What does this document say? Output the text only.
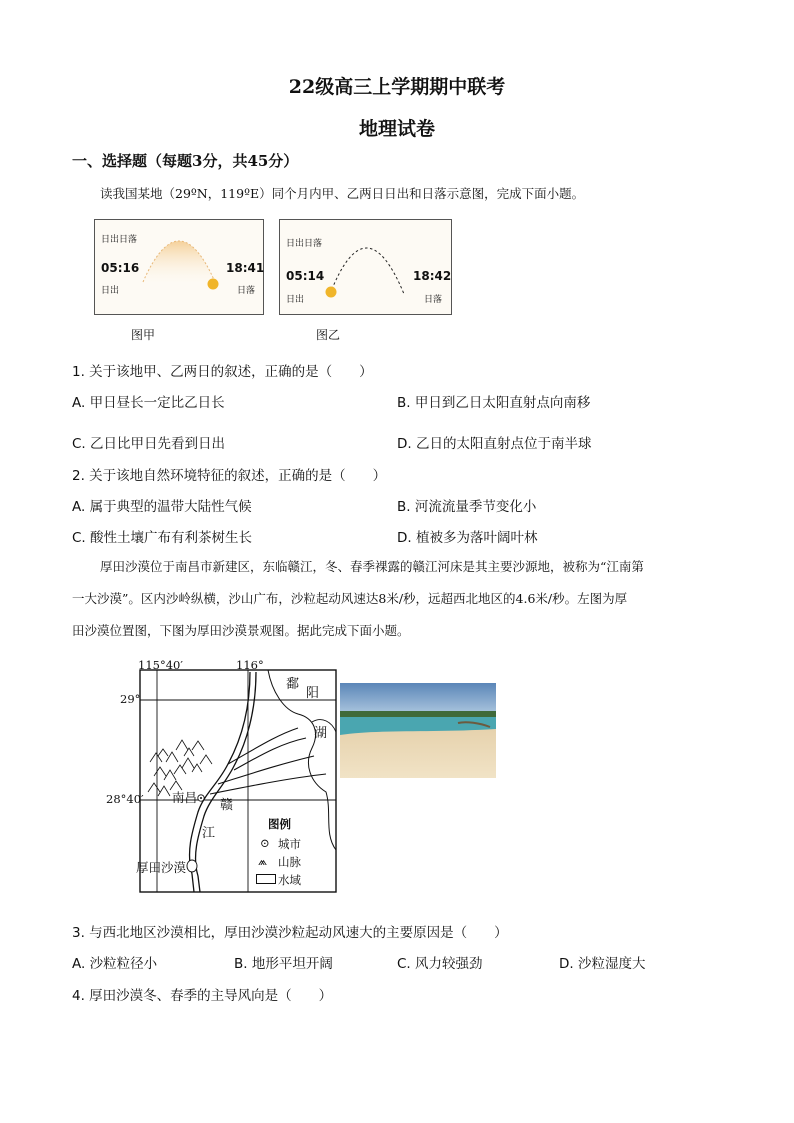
22级高三上学期期中联考
地理试卷
一、选择题（每题3分，共45分）
读我国某地（29ºN，119ºE）同个月内甲、乙两日日出和日落示意图，完成下面小题。
日出日落
05:16
日出
18:41
日落
图甲
日出日落
05:14
日出
18:42
日落
图乙
1. 关于该地甲、乙两日的叙述，正确的是（　　）
A. 甲日昼长一定比乙日长	B. 甲日到乙日太阳直射点向南移
C. 乙日比甲日先看到日出	D. 乙日的太阳直射点位于南半球
2. 关于该地自然环境特征的叙述，正确的是（　　）
A. 属于典型的温带大陆性气候	B. 河流流量季节变化小
C. 酸性土壤广布有利茶树生长	D. 植被多为落叶阔叶林
厚田沙漠位于南昌市新建区，东临赣江，冬、春季裸露的赣江河床是其主要沙源地，被称为“江南第
一大沙漠”。区内沙岭纵横，沙山广布，沙粒起动风速达8米/秒，远超西北地区的4.6米/秒。左图为厚
田沙漠位置图，下图为厚田沙漠景观图。据此完成下面小题。
115°40′	116°
29°
28°40′
鄱
阳
湖
南昌
赣
江
厚田沙漠
图例
⊙ 城市
⩕ 山脉
水域
3. 与西北地区沙漠相比，厚田沙漠沙粒起动风速大的主要原因是（　　）
A. 沙粒粒径小	B. 地形平坦开阔	C. 风力较强劲	D. 沙粒湿度大
4. 厚田沙漠冬、春季的主导风向是（　　）
